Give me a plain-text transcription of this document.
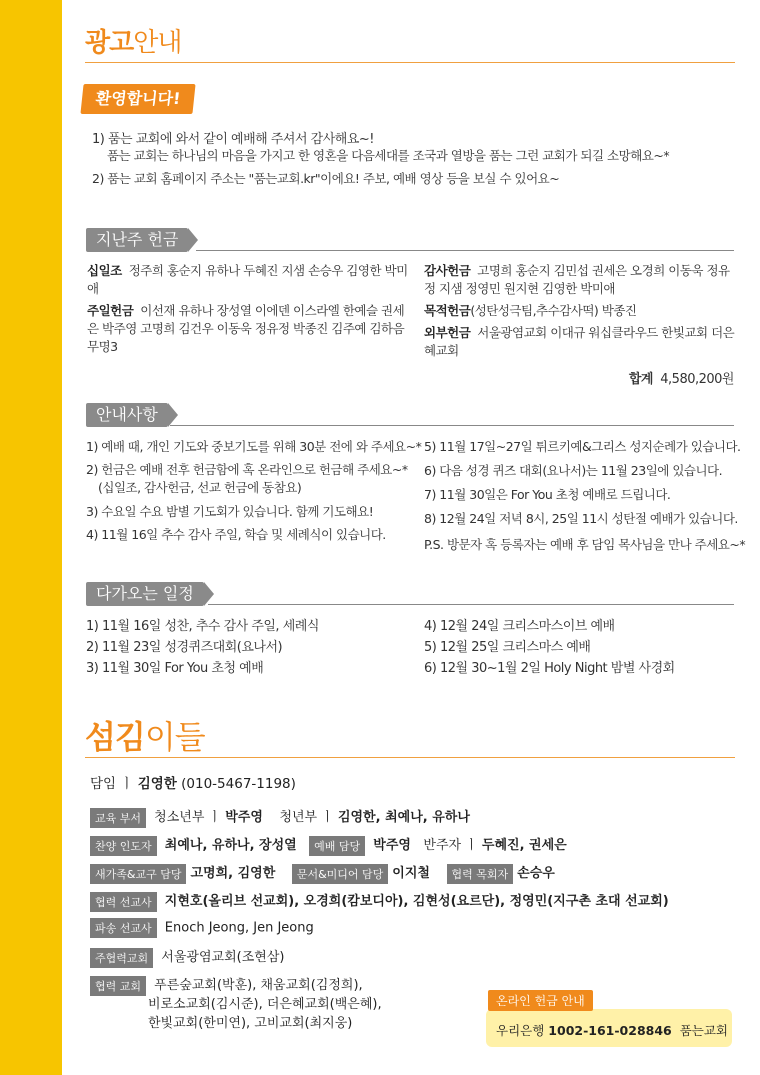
광고안내
환영합니다!
1) 품는 교회에 와서 같이 예배해 주셔서 감사해요~!
품는 교회는 하나님의 마음을 가지고 한 영혼을 다음세대를 조국과 열방을 품는 그런 교회가 되길 소망해요~*
2) 품는 교회 홈페이지 주소는 "품는교회.kr"이에요! 주보, 예배 영상 등을 보실 수 있어요~
지난주 헌금
십일조 정주희 홍순지 유하나 두혜진 지샘 손승우 김영한 박미애
주일헌금 이선재 유하나 장성열 이에덴 이스라엘 한예슬 권세은 박주영 고명희 김건우 이동욱 정유정 박종진 김주예 김하음 무명3
감사헌금 고명희 홍순지 김민섭 권세은 오경희 이동욱 정유정 지샘 정영민 원지현 김영한 박미애
목적헌금(성탄성극팀,추수감사떡) 박종진
외부헌금 서울광염교회 이대규 워십클라우드 한빛교회 더은혜교회
합계 4,580,200원
안내사항
1) 예배 때, 개인 기도와 중보기도를 위해 30분 전에 와 주세요~*
2) 헌금은 예배 전후 헌금함에 혹 온라인으로 헌금해 주세요~*
(십일조, 감사헌금, 선교 헌금에 동참요)
3) 수요일 수요 밤별 기도회가 있습니다. 함께 기도해요!
4) 11월 16일 추수 감사 주일, 학습 및 세례식이 있습니다.
5) 11월 17일~27일 튀르키예&그리스 성지순례가 있습니다.
6) 다음 성경 퀴즈 대회(요나서)는 11월 23일에 있습니다.
7) 11월 30일은 For You 초청 예배로 드립니다.
8) 12월 24일 저녁 8시, 25일 11시 성탄절 예배가 있습니다.
P.S. 방문자 혹 등록자는 예배 후 담임 목사님을 만나 주세요~*
다가오는 일정
1) 11월 16일 성찬, 추수 감사 주일, 세례식
2) 11월 23일 성경퀴즈대회(요나서)
3) 11월 30일 For You 초청 예배
4) 12월 24일 크리스마스이브 예배
5) 12월 25일 크리스마스 예배
6) 12월 30~1월 2일 Holy Night 밤별 사경회
섬김이들
담임 ㅣ 김영한 (010-5467-1198)
교육 부서 청소년부 ㅣ 박주영 청년부 ㅣ 김영한, 최예나, 유하나
찬양 인도자 최예나, 유하나, 장성열 예배 담당 박주영 반주자 ㅣ 두혜진, 권세은
새가족&교구 담당 고명희, 김영한 문서&미디어 담당 이지철 협력 목회자 손승우
협력 선교사 지현호(올리브 선교회), 오경희(캄보디아), 김현성(요르단), 정영민(지구촌 초대 선교회)
파송 선교사 Enoch Jeong, Jen Jeong
주협력교회 서울광염교회(조현삼)
협력 교회 푸른숲교회(박훈), 채움교회(김정희),
비로소교회(김시준), 더은혜교회(백은혜),
한빛교회(한미연), 고비교회(최지웅)	우리은행 1002-161-028846 품는교회
온라인 헌금 안내
